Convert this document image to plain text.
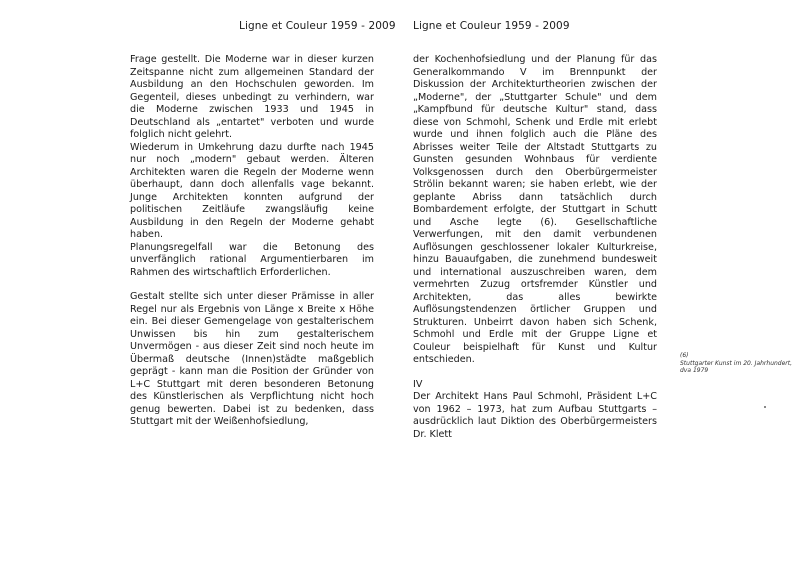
Ligne et Couleur 1959 - 2009 Ligne et Couleur 1959 - 2009

Frage gestellt. Die Moderne war in dieser kurzen Zeitspanne nicht zum allgemeinen Standard der Ausbildung an den Hochschulen geworden. Im Gegenteil, dieses unbedingt zu verhindern, war die Moderne zwischen 1933 und 1945 in Deutschland als „entartet" verboten und wurde folglich nicht gelehrt.

Wiederum in Umkehrung dazu durfte nach 1945 nur noch „modern" gebaut werden. Älteren Architekten waren die Regeln der Moderne wenn überhaupt, dann doch allenfalls vage bekannt. Junge Architekten konnten aufgrund der politischen Zeitläufe zwangsläufig keine Ausbildung in den Regeln der Moderne gehabt haben.

Planungsregelfall war die Betonung des unverfänglich rational Argumentierbaren im Rahmen des wirtschaftlich Erforderlichen.

Gestalt stellte sich unter dieser Prämisse in aller Regel nur als Ergebnis von Länge x Breite x Höhe ein. Bei dieser Gemengelage von gestalterischem Unwissen bis hin zum gestalterischem Unvermögen - aus dieser Zeit sind noch heute im Übermaß deutsche (Innen)städte maßgeblich geprägt - kann man die Position der Gründer von L+C Stuttgart mit deren besonderen Betonung des Künstlerischen als Verpflichtung nicht hoch genug bewerten. Dabei ist zu bedenken, dass Stuttgart mit der Weißenhofsiedlung,

der Kochenhofsiedlung und der Planung für das Generalkommando V im Brennpunkt der Diskussion der Architekturtheorien zwischen der „Moderne", der „Stuttgarter Schule" und dem „Kampfbund für deutsche Kultur" stand, dass diese von Schmohl, Schenk und Erdle mit erlebt wurde und ihnen folglich auch die Pläne des Abrisses weiter Teile der Altstadt Stuttgarts zu Gunsten gesunden Wohnbaus für verdiente Volksgenossen durch den Oberbürgermeister Strölin bekannt waren; sie haben erlebt, wie der geplante Abriss dann tatsächlich durch Bombardement erfolgte, der Stuttgart in Schutt und Asche legte (6). Gesellschaftliche Verwerfungen, mit den damit verbundenen Auflösungen geschlossener lokaler Kulturkreise, hinzu Bauaufgaben, die zunehmend bundesweit und international auszuschreiben waren, dem vermehrten Zuzug ortsfremder Künstler und Architekten, das alles bewirkte Auflösungstendenzen örtlicher Gruppen und Strukturen. Unbeirrt davon haben sich Schenk, Schmohl und Erdle mit der Gruppe Ligne et Couleur beispielhaft für Kunst und Kultur entschieden.

IV

Der Architekt Hans Paul Schmohl, Präsident L+C von 1962 – 1973, hat zum Aufbau Stuttgarts – ausdrücklich laut Diktion des Oberbürgermeisters Dr. Klett

(6)
Stuttgarter Kunst im 20. Jahrhundert,
dva 1979
